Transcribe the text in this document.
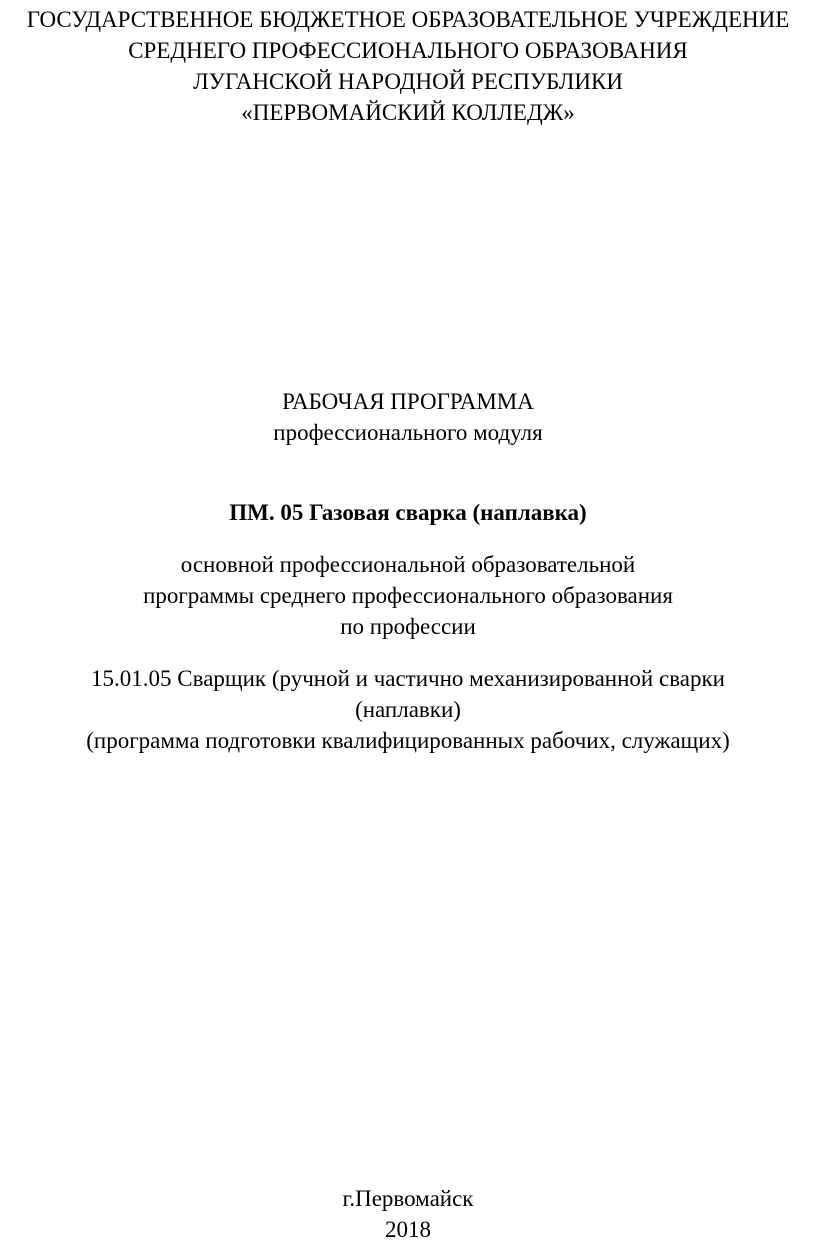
ГОСУДАРСТВЕННОЕ БЮДЖЕТНОЕ ОБРАЗОВАТЕЛЬНОЕ УЧРЕЖДЕНИЕ
СРЕДНЕГО ПРОФЕССИОНАЛЬНОГО ОБРАЗОВАНИЯ
ЛУГАНСКОЙ НАРОДНОЙ РЕСПУБЛИКИ
«ПЕРВОМАЙСКИЙ КОЛЛЕДЖ»
РАБОЧАЯ ПРОГРАММА
профессионального модуля
ПМ. 05 Газовая сварка (наплавка)
основной профессиональной образовательной
программы среднего профессионального образования
по профессии
15.01.05 Сварщик (ручной и частично механизированной сварки
(наплавки)
(программа подготовки квалифицированных рабочих, служащих)
г.Первомайск
2018
